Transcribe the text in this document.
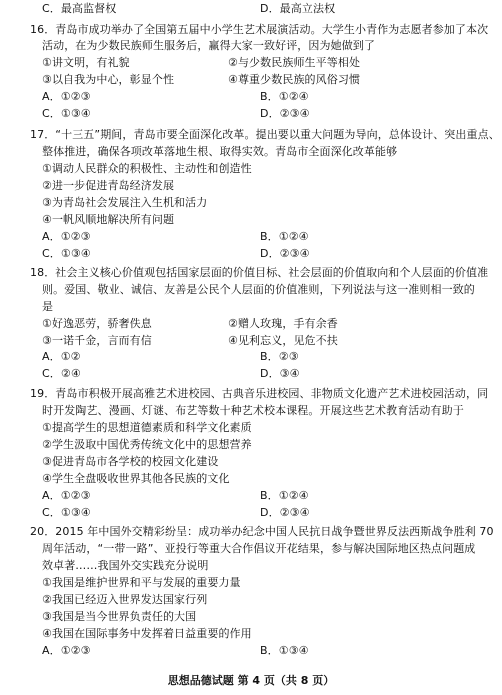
C．最高监督权	D．最高立法权
16．青岛市成功举办了全国第五届中小学生艺术展演活动。大学生小青作为志愿者参加了本次
活动，在为少数民族师生服务后，赢得大家一致好评，因为她做到了
①讲文明，有礼貌	②与少数民族师生平等相处
③以自我为中心，彰显个性	④尊重少数民族的风俗习惯
A．①②③	B．①②④
C．①③④	D．②③④
17．“十三五”期间，青岛市要全面深化改革。提出要以重大问题为导向，总体设计、突出重点、
整体推进，确保各项改革落地生根、取得实效。青岛市全面深化改革能够
①调动人民群众的积极性、主动性和创造性
②进一步促进青岛经济发展
③为青岛社会发展注入生机和活力
④一帆风顺地解决所有问题
A．①②③	B．①②④
C．①③④	D．②③④
18．社会主义核心价值观包括国家层面的价值目标、社会层面的价值取向和个人层面的价值准
则。爱国、敬业、诚信、友善是公民个人层面的价值准则，下列说法与这一准则相一致的
是
①好逸恶劳，骄奢佚息	②赠人玫瑰，手有余香
③一诺千金，言而有信	④见利忘义，见危不扶
A．①②	B．②③
C．②④	D．③④
19．青岛市积极开展高雅艺术进校园、古典音乐进校园、非物质文化遗产艺术进校园活动，同
时开发陶艺、漫画、灯谜、布艺等数十种艺术校本课程。开展这些艺术教育活动有助于
①提高学生的思想道德素质和科学文化素质
②学生汲取中国优秀传统文化中的思想营养
③促进青岛市各学校的校园文化建设
④学生全盘吸收世界其他各民族的文化
A．①②③	B．①②④
C．①③④	D．②③④
20．2015 年中国外交精彩纷呈：成功举办纪念中国人民抗日战争暨世界反法西斯战争胜利 70
周年活动，“一带一路”、亚投行等重大合作倡议开花结果，参与解决国际地区热点问题成
效卓著……我国外交实践充分说明
①我国是维护世界和平与发展的重要力量
②我国已经迈入世界发达国家行列
③我国是当今世界负责任的大国
④我国在国际事务中发挥着日益重要的作用
A．①②③	B．①③④
思想品德试题 第 4 页（共 8 页）
